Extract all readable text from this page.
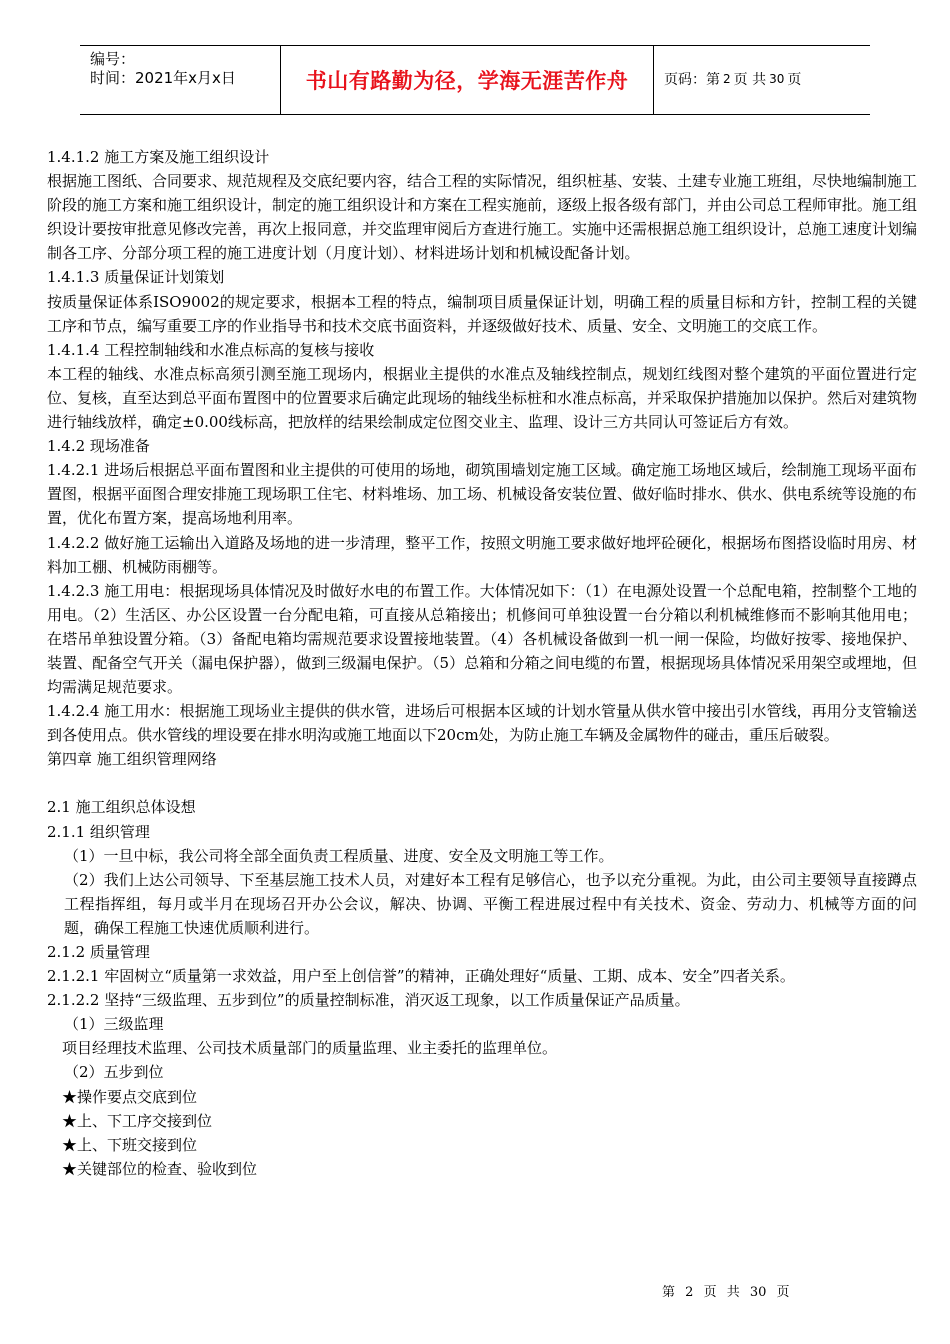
编号：
时间：2021年x月x日	书山有路勤为径，学海无涯苦作舟	页码：第 2 页 共 30 页

1.4.1.2 施工方案及施工组织设计

根据施工图纸、合同要求、规范规程及交底纪要内容，结合工程的实际情况，组织桩基、安装、土建专业施工班组，尽快地编制施工阶段的施工方案和施工组织设计，制定的施工组织设计和方案在工程实施前，逐级上报各级有部门，并由公司总工程师审批。施工组织设计要按审批意见修改完善，再次上报同意，并交监理审阅后方查进行施工。实施中还需根据总施工组织设计，总施工速度计划编制各工序、分部分项工程的施工进度计划（月度计划）、材料进场计划和机械设配备计划。

1.4.1.3 质量保证计划策划

按质量保证体系ISO9002的规定要求，根据本工程的特点，编制项目质量保证计划，明确工程的质量目标和方针，控制工程的关键工序和节点，编写重要工序的作业指导书和技术交底书面资料，并逐级做好技术、质量、安全、文明施工的交底工作。

1.4.1.4 工程控制轴线和水准点标高的复核与接收

本工程的轴线、水准点标高须引测至施工现场内，根据业主提供的水准点及轴线控制点，规划红线图对整个建筑的平面位置进行定位、复核，直至达到总平面布置图中的位置要求后确定此现场的轴线坐标桩和水准点标高，并采取保护措施加以保护。然后对建筑物进行轴线放样，确定±0.00线标高，把放样的结果绘制成定位图交业主、监理、设计三方共同认可签证后方有效。

1.4.2 现场准备

1.4.2.1 进场后根据总平面布置图和业主提供的可使用的场地，砌筑围墙划定施工区域。确定施工场地区域后，绘制施工现场平面布置图，根据平面图合理安排施工现场职工住宅、材料堆场、加工场、机械设备安装位置、做好临时排水、供水、供电系统等设施的布置，优化布置方案，提高场地利用率。

1.4.2.2 做好施工运输出入道路及场地的进一步清理，整平工作，按照文明施工要求做好地坪砼硬化，根据场布图搭设临时用房、材料加工棚、机械防雨棚等。

1.4.2.3 施工用电：根据现场具体情况及时做好水电的布置工作。大体情况如下：（1）在电源处设置一个总配电箱，控制整个工地的用电。（2）生活区、办公区设置一台分配电箱，可直接从总箱接出；机修间可单独设置一台分箱以利机械维修而不影响其他用电；在塔吊单独设置分箱。（3）备配电箱均需规范要求设置接地装置。（4）各机械设备做到一机一闸一保险，均做好按零、接地保护、装置、配备空气开关（漏电保护器），做到三级漏电保护。（5）总箱和分箱之间电缆的布置，根据现场具体情况采用架空或埋地，但均需满足规范要求。

1.4.2.4 施工用水：根据施工现场业主提供的供水管，进场后可根据本区域的计划水管量从供水管中接出引水管线，再用分支管输送到各使用点。供水管线的埋设要在排水明沟或施工地面以下20cm处，为防止施工车辆及金属物件的碰击，重压后破裂。

第四章 施工组织管理网络

2.1 施工组织总体设想

2.1.1 组织管理

（1）一旦中标，我公司将全部全面负责工程质量、进度、安全及文明施工等工作。

（2）我们上达公司领导、下至基层施工技术人员，对建好本工程有足够信心，也予以充分重视。为此，由公司主要领导直接蹲点工程指挥组，每月或半月在现场召开办公会议，解决、协调、平衡工程进展过程中有关技术、资金、劳动力、机械等方面的问题，确保工程施工快速优质顺利进行。

2.1.2 质量管理

2.1.2.1 牢固树立“质量第一求效益，用户至上创信誉”的精神，正确处理好“质量、工期、成本、安全”四者关系。

2.1.2.2 坚持“三级监理、五步到位”的质量控制标准，消灭返工现象，以工作质量保证产品质量。

（1）三级监理

项目经理技术监理、公司技术质量部门的质量监理、业主委托的监理单位。

（2）五步到位

★操作要点交底到位

★上、下工序交接到位

★上、下班交接到位

★关键部位的检查、验收到位

第 2 页 共 30 页
